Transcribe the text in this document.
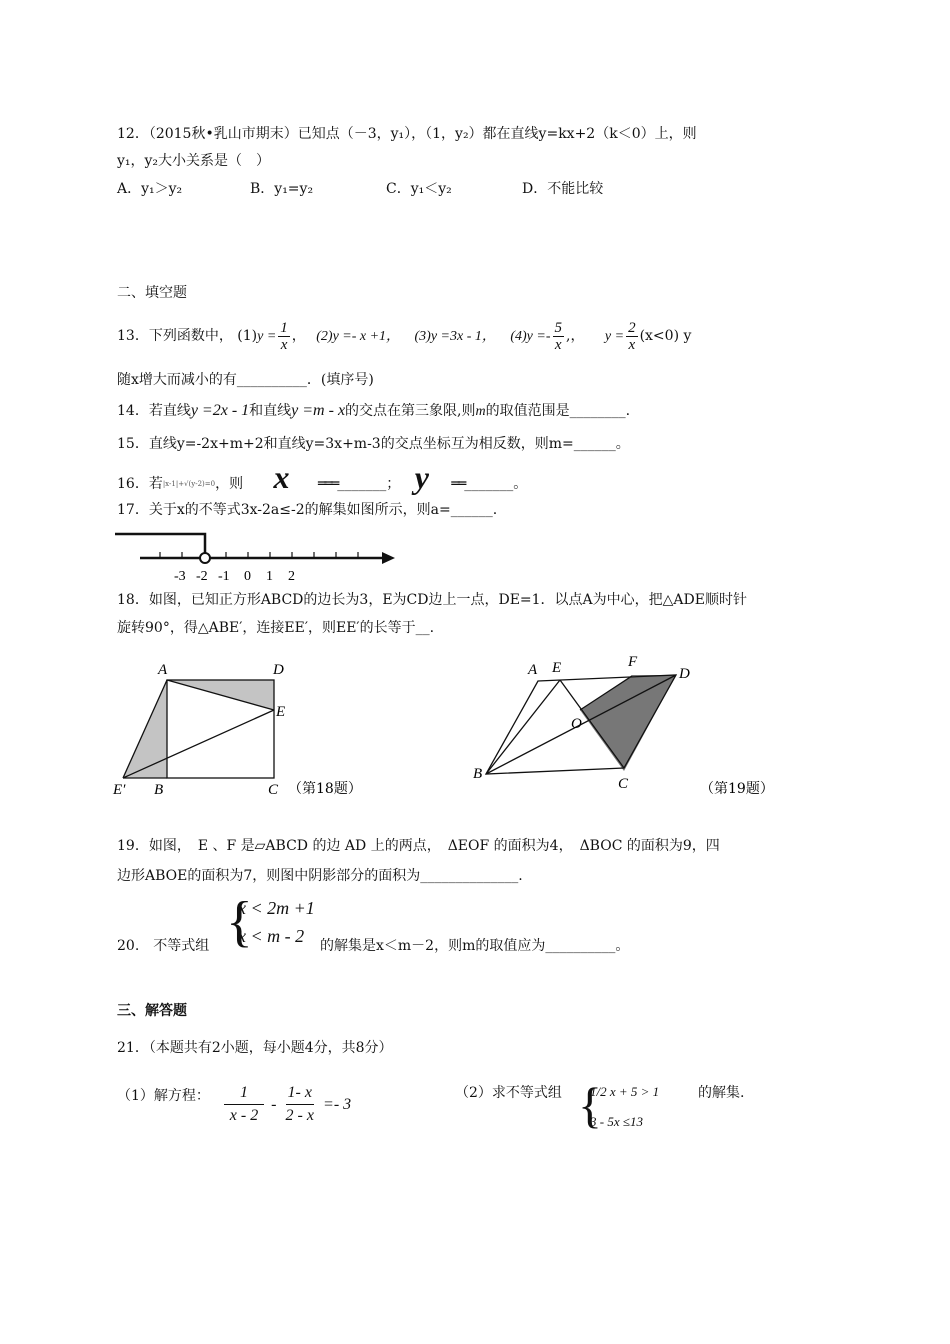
12．（2015秋•乳山市期末）已知点（－3，y₁），（1，y₂）都在直线y=kx+2（k＜0）上，则
y₁，y₂大小关系是（　）
A．y₁＞y₂	B．y₁=y₂	C．y₁＜y₂	D．不能比较
二、填空题
13．下列函数中， $(1)y = \frac{1}{x}$ ， (2)y =- x +1， (3)y =3x - 1， $(4)y =- \frac{5}{x}$ ,， $y = \frac{2}{x} (x<0)$ y
随x增大而减小的有__________．(填序号)
14．若直线y =2x - 1和直线y =m - x的交点在第三象限,则m的取值范围是________.
15．直线y=-2x+m+2和直线y=3x+m-3的交点坐标互为相反数，则m=______。
16．若|x-1|+√(y-2)=0，则 x ═══_______； y ══_______。
17．关于x的不等式3x-2a≤-2的解集如图所示，则a=______.
-3 -2 -1 0 1 2
18．如图，已知正方形ABCD的边长为3，E为CD边上一点，DE=1．以点A为中心，把△ADE顺时针
旋转90°，得△ABE′，连接EE′，则EE′的长等于__.
A	D
E
E′ B	C （第18题）
A E	F
D
O
B
C	（第19题）
19．如图，　E 、F 是▱ABCD 的边 AD 上的两点，　ΔEOF 的面积为4，　ΔBOC 的面积为9，四
边形ABOE的面积为7，则图中阴影部分的面积为______________.
{
x < 2m +1
x < m - 2
20.　不等式组	的解集是x＜m－2，则m的取值应为__________。
三、解答题
21．（本题共有2小题，每小题4分，共8分）
（1）解方程： $\frac{1}{x - 2} - \frac{1- x}{2 - x} =- 3$
（2）求不等式组 {
1/2 x + 5 > 1
3 - 5x ≤13
的解集.
